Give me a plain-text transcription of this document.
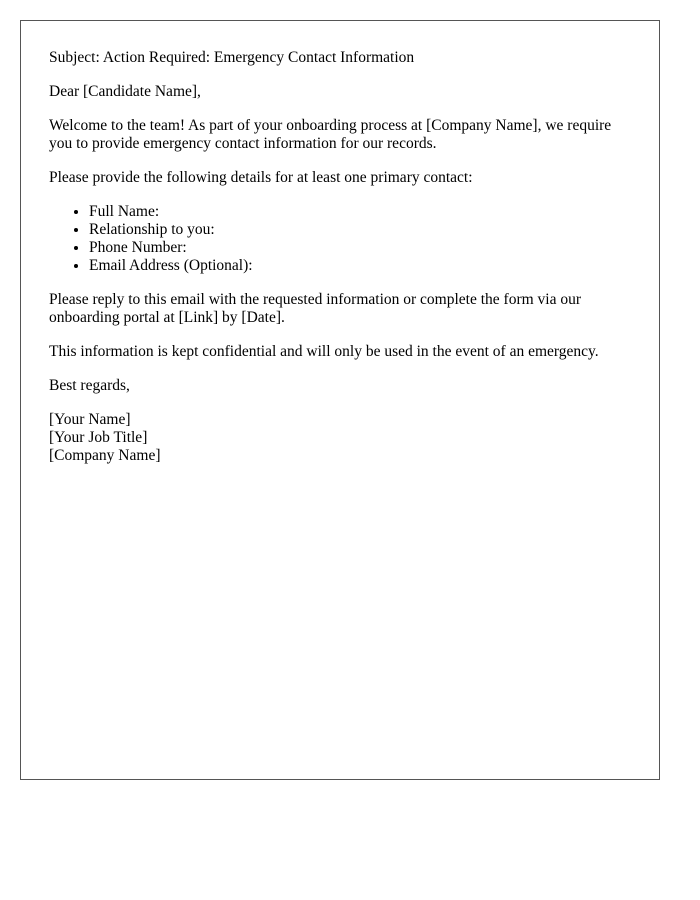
Subject: Action Required: Emergency Contact Information

Dear [Candidate Name],

Welcome to the team! As part of your onboarding process at [Company Name], we require you to provide emergency contact information for our records.

Please provide the following details for at least one primary contact:

• Full Name:
• Relationship to you:
• Phone Number:
• Email Address (Optional):

Please reply to this email with the requested information or complete the form via our onboarding portal at [Link] by [Date].

This information is kept confidential and will only be used in the event of an emergency.

Best regards,

[Your Name]
[Your Job Title]
[Company Name]
